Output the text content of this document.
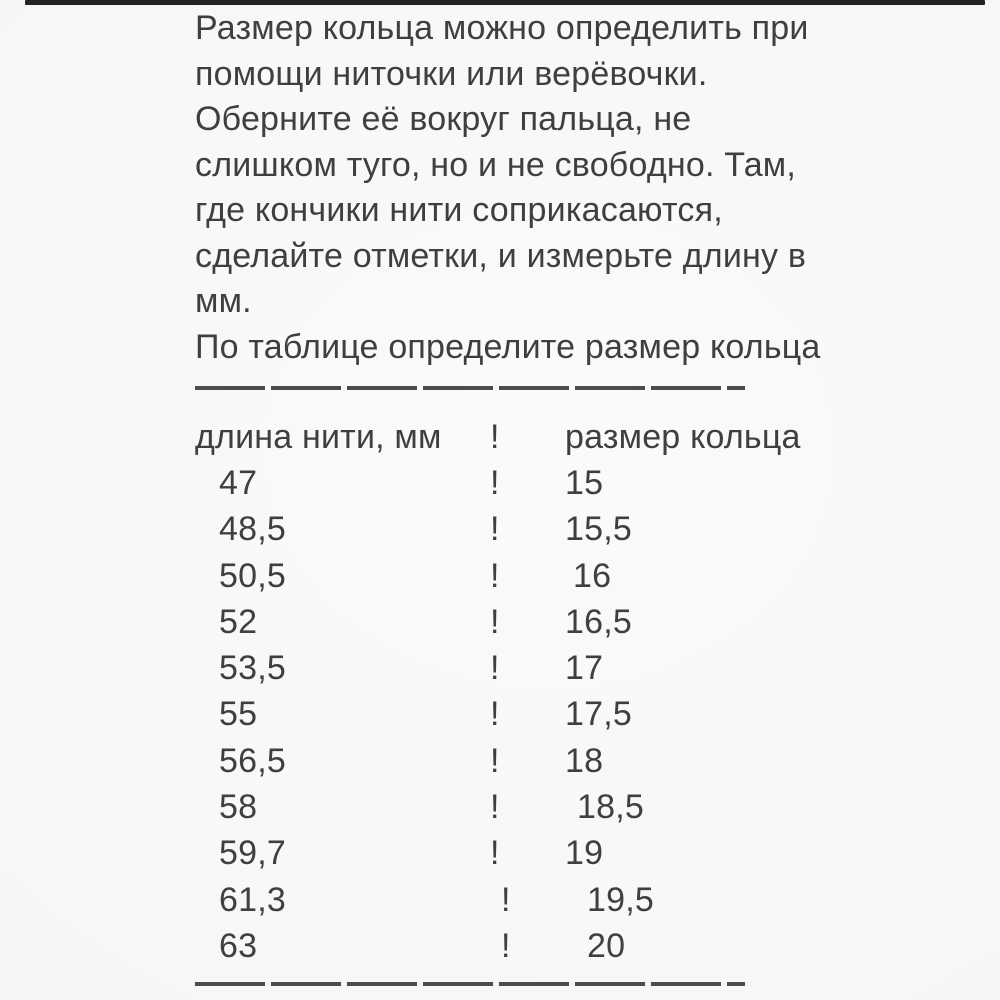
Размер кольца можно определить при

помощи ниточки или верёвочки.

Оберните её вокруг пальца, не

слишком туго, но и не свободно. Там,

где кончики нити соприкасаются,

сделайте отметки, и измерьте длину в

мм.

По таблице определите размер кольца

длина нити, мм	!	размер кольца
47	!	15
48,5	!	15,5
50,5	!	16
52	!	16,5
53,5	!	17
55	!	17,5
56,5	!	18
58	!	18,5
59,7	!	19
61,3	!	19,5
63	!	20
